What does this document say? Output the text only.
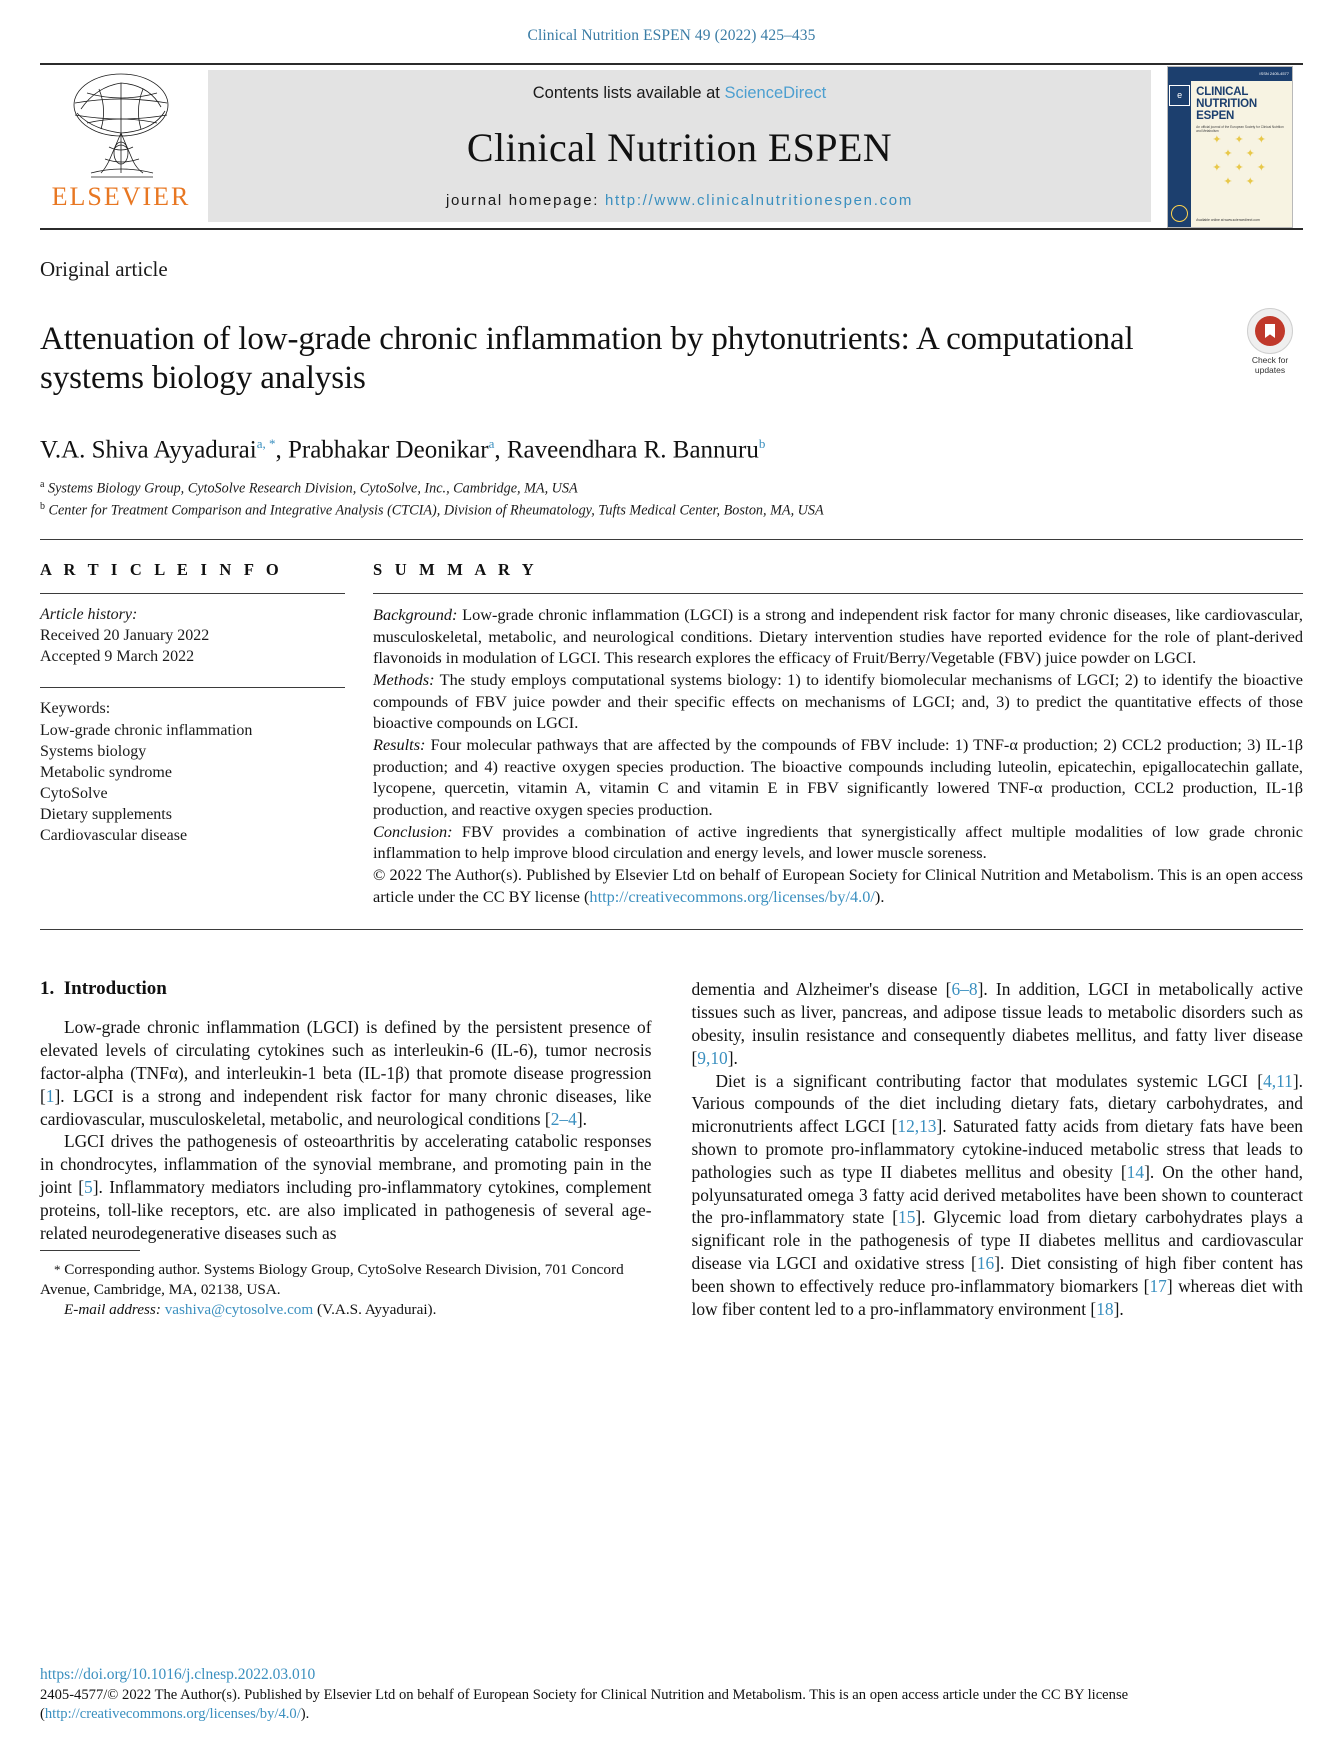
Clinical Nutrition ESPEN 49 (2022) 425–435
ELSEVIER
Contents lists available at ScienceDirect
Clinical Nutrition ESPEN
journal homepage: http://www.clinicalnutritionespen.com
ISSN 2405-4577
e	CLINICAL
NUTRITION
ESPEN
An official journal of the European Society for Clinical Nutrition and Metabolism
✦ ✦ ✦
✦ ✦
✦ ✦ ✦
✦ ✦
Available online at www.sciencedirect.com
Original article
Attenuation of low-grade chronic inflammation by phytonutrients: A computational systems biology analysis
Check for
updates
V.A. Shiva Ayyadurai$^{a, *}$, Prabhakar Deonikar$^a$, Raveendhara R. Bannuru$^b$
$^a$ Systems Biology Group, CytoSolve Research Division, CytoSolve, Inc., Cambridge, MA, USA
$^b$ Center for Treatment Comparison and Integrative Analysis (CTCIA), Division of Rheumatology, Tufts Medical Center, Boston, MA, USA
A R T I C L E I N F O
Article history:
Received 20 January 2022
Accepted 9 March 2022
Keywords:
Low-grade chronic inflammation
Systems biology
Metabolic syndrome
CytoSolve
Dietary supplements
Cardiovascular disease
S U M M A R Y

Background: Low-grade chronic inflammation (LGCI) is a strong and independent risk factor for many chronic diseases, like cardiovascular, musculoskeletal, metabolic, and neurological conditions. Dietary intervention studies have reported evidence for the role of plant-derived flavonoids in modulation of LGCI. This research explores the efficacy of Fruit/Berry/Vegetable (FBV) juice powder on LGCI.

Methods: The study employs computational systems biology: 1) to identify biomolecular mechanisms of LGCI; 2) to identify the bioactive compounds of FBV juice powder and their specific effects on mechanisms of LGCI; and, 3) to predict the quantitative effects of those bioactive compounds on LGCI.

Results: Four molecular pathways that are affected by the compounds of FBV include: 1) TNF-α production; 2) CCL2 production; 3) IL-1β production; and 4) reactive oxygen species production. The bioactive compounds including luteolin, epicatechin, epigallocatechin gallate, lycopene, quercetin, vitamin A, vitamin C and vitamin E in FBV significantly lowered TNF-α production, CCL2 production, IL-1β production, and reactive oxygen species production.

Conclusion: FBV provides a combination of active ingredients that synergistically affect multiple modalities of low grade chronic inflammation to help improve blood circulation and energy levels, and lower muscle soreness.

© 2022 The Author(s). Published by Elsevier Ltd on behalf of European Society for Clinical Nutrition and Metabolism. This is an open access article under the CC BY license (http://creativecommons.org/licenses/by/4.0/).

1. Introduction

Low-grade chronic inflammation (LGCI) is defined by the persistent presence of elevated levels of circulating cytokines such as interleukin-6 (IL-6), tumor necrosis factor-alpha (TNFα), and interleukin-1 beta (IL-1β) that promote disease progression [1]. LGCI is a strong and independent risk factor for many chronic diseases, like cardiovascular, musculoskeletal, metabolic, and neurological conditions [2–4].

LGCI drives the pathogenesis of osteoarthritis by accelerating catabolic responses in chondrocytes, inflammation of the synovial membrane, and promoting pain in the joint [5]. Inflammatory mediators including pro-inflammatory cytokines, complement proteins, toll-like receptors, etc. are also implicated in pathogenesis of several age-related neurodegenerative diseases such as

* Corresponding author. Systems Biology Group, CytoSolve Research Division, 701 Concord Avenue, Cambridge, MA, 02138, USA.

E-mail address: vashiva@cytosolve.com (V.A.S. Ayyadurai).

dementia and Alzheimer's disease [6–8]. In addition, LGCI in metabolically active tissues such as liver, pancreas, and adipose tissue leads to metabolic disorders such as obesity, insulin resistance and consequently diabetes mellitus, and fatty liver disease [9,10].

Diet is a significant contributing factor that modulates systemic LGCI [4,11]. Various compounds of the diet including dietary fats, dietary carbohydrates, and micronutrients affect LGCI [12,13]. Saturated fatty acids from dietary fats have been shown to promote pro-inflammatory cytokine-induced metabolic stress that leads to pathologies such as type II diabetes mellitus and obesity [14]. On the other hand, polyunsaturated omega 3 fatty acid derived metabolites have been shown to counteract the pro-inflammatory state [15]. Glycemic load from dietary carbohydrates plays a significant role in the pathogenesis of type II diabetes mellitus and cardiovascular disease via LGCI and oxidative stress [16]. Diet consisting of high fiber content has been shown to effectively reduce pro-inflammatory biomarkers [17] whereas diet with low fiber content led to a pro-inflammatory environment [18].

https://doi.org/10.1016/j.clnesp.2022.03.010
2405-4577/© 2022 The Author(s). Published by Elsevier Ltd on behalf of European Society for Clinical Nutrition and Metabolism. This is an open access article under the CC BY license (http://creativecommons.org/licenses/by/4.0/).
